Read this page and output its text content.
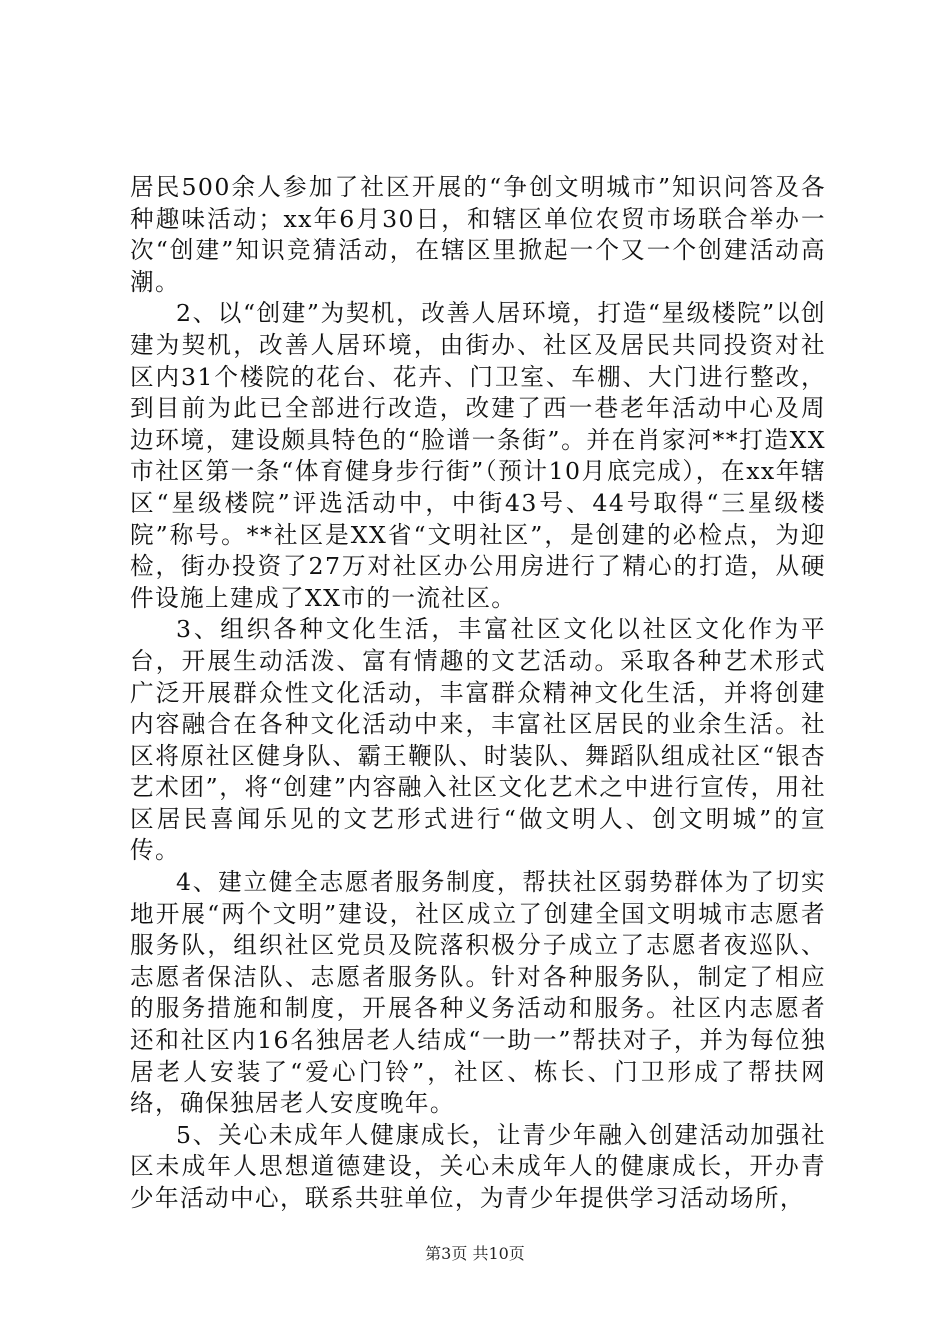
居民500余人参加了社区开展的“争创文明城市”知识问答及各种趣味活动；xx年6月30日，和辖区单位农贸市场联合举办一次“创建”知识竞猜活动，在辖区里掀起一个又一个创建活动高潮。

2、以“创建”为契机，改善人居环境，打造“星级楼院”以创建为契机，改善人居环境，由街办、社区及居民共同投资对社区内31个楼院的花台、花卉、门卫室、车棚、大门进行整改，到目前为此已全部进行改造，改建了西一巷老年活动中心及周边环境，建设颇具特色的“脸谱一条街”。并在肖家河**打造XX市社区第一条“体育健身步行街”（预计10月底完成），在xx年辖区“星级楼院”评选活动中，中街43号、44号取得“三星级楼院”称号。**社区是XX省“文明社区”，是创建的必检点，为迎检，街办投资了27万对社区办公用房进行了精心的打造，从硬件设施上建成了XX市的一流社区。

3、组织各种文化生活，丰富社区文化以社区文化作为平台，开展生动活泼、富有情趣的文艺活动。采取各种艺术形式广泛开展群众性文化活动，丰富群众精神文化生活，并将创建内容融合在各种文化活动中来，丰富社区居民的业余生活。社区将原社区健身队、霸王鞭队、时装队、舞蹈队组成社区“银杏艺术团”，将“创建”内容融入社区文化艺术之中进行宣传，用社区居民喜闻乐见的文艺形式进行“做文明人、创文明城”的宣传。

4、建立健全志愿者服务制度，帮扶社区弱势群体为了切实地开展“两个文明”建设，社区成立了创建全国文明城市志愿者服务队，组织社区党员及院落积极分子成立了志愿者夜巡队、志愿者保洁队、志愿者服务队。针对各种服务队，制定了相应的服务措施和制度，开展各种义务活动和服务。社区内志愿者还和社区内16名独居老人结成“一助一”帮扶对子，并为每位独居老人安装了“爱心门铃”，社区、栋长、门卫形成了帮扶网络，确保独居老人安度晚年。

5、关心未成年人健康成长，让青少年融入创建活动加强社区未成年人思想道德建设，关心未成年人的健康成长，开办青少年活动中心，联系共驻单位，为青少年提供学习活动场所，

第3页 共10页
